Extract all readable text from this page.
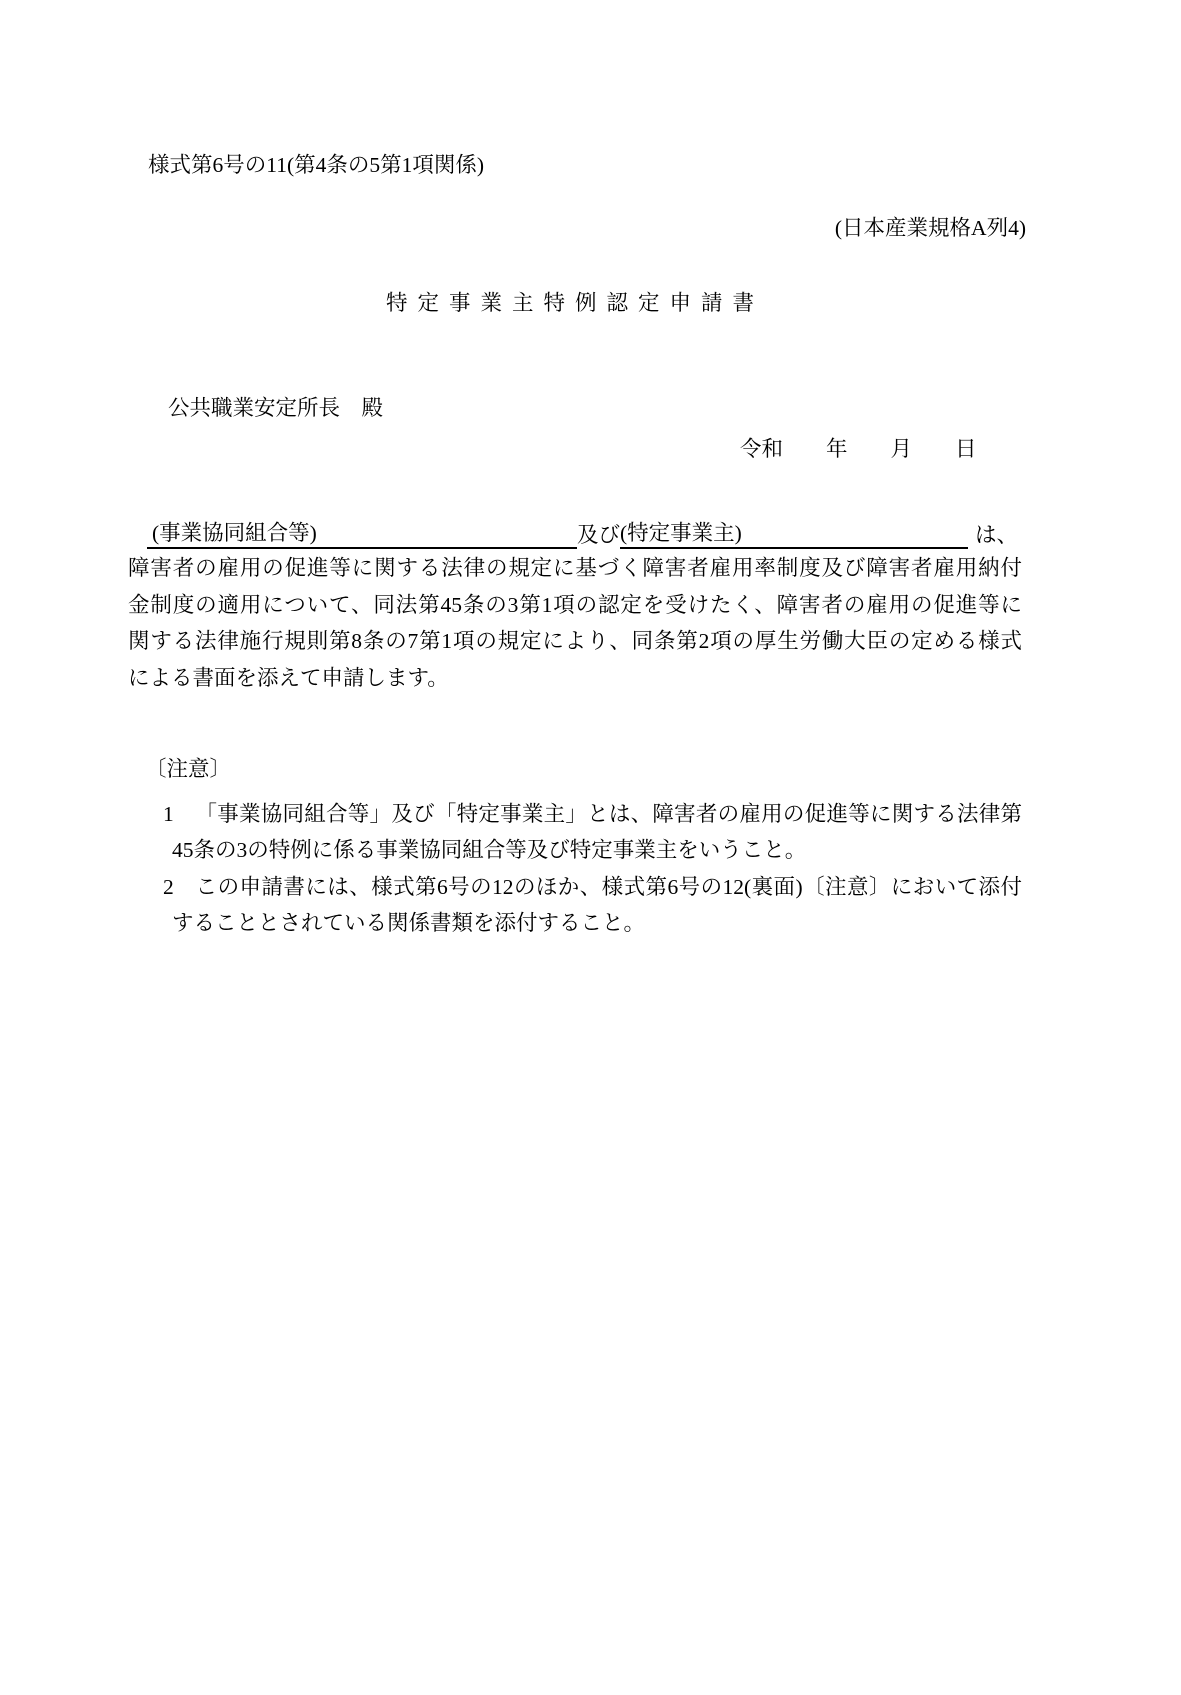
様式第6号の11(第4条の5第1項関係)
(日本産業規格A列4)
特定事業主特例認定申請書
公共職業安定所長　殿
令和　　年　　月　　日
(事業協同組合等)	及び(特定事業主)	は、

障害者の雇用の促進等に関する法律の規定に基づく障害者雇用率制度及び障害者雇用納付

金制度の適用について、同法第45条の3第1項の認定を受けたく、障害者の雇用の促進等に

関する法律施行規則第8条の7第1項の規定により、同条第2項の厚生労働大臣の定める様式

による書面を添えて申請します。

〔注意〕

1 「事業協同組合等」及び「特定事業主」とは、障害者の雇用の促進等に関する法律第

45条の3の特例に係る事業協同組合等及び特定事業主をいうこと。

2 この申請書には、様式第6号の12のほか、様式第6号の12(裏面)〔注意〕において添付

することとされている関係書類を添付すること。
